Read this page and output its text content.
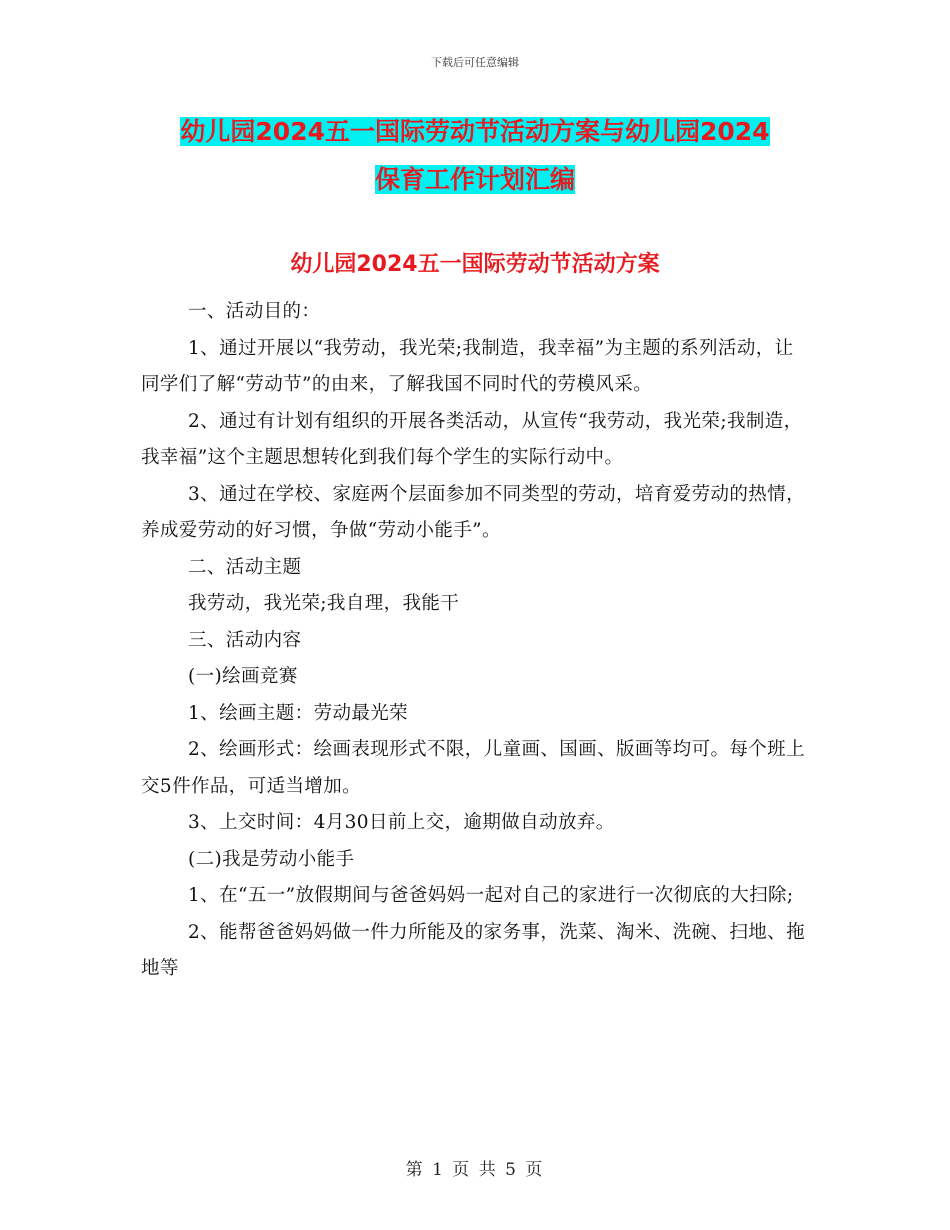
下载后可任意编辑
幼儿园2024五一国际劳动节活动方案与幼儿园2024
保育工作计划汇编
幼儿园2024五一国际劳动节活动方案

一、活动目的：

1、通过开展以“我劳动，我光荣;我制造，我幸福”为主题的系列活动，让同学们了解“劳动节”的由来，了解我国不同时代的劳模风采。

2、通过有计划有组织的开展各类活动，从宣传“我劳动，我光荣;我制造，我幸福”这个主题思想转化到我们每个学生的实际行动中。

3、通过在学校、家庭两个层面参加不同类型的劳动，培育爱劳动的热情，养成爱劳动的好习惯，争做“劳动小能手”。

二、活动主题

我劳动，我光荣;我自理，我能干

三、活动内容

(一)绘画竞赛

1、绘画主题：劳动最光荣

2、绘画形式：绘画表现形式不限，儿童画、国画、版画等均可。每个班上交5件作品，可适当增加。

3、上交时间：4月30日前上交，逾期做自动放弃。

(二)我是劳动小能手

1、在“五一”放假期间与爸爸妈妈一起对自己的家进行一次彻底的大扫除;

2、能帮爸爸妈妈做一件力所能及的家务事，洗菜、淘米、洗碗、扫地、拖地等

第 1 页 共 5 页
